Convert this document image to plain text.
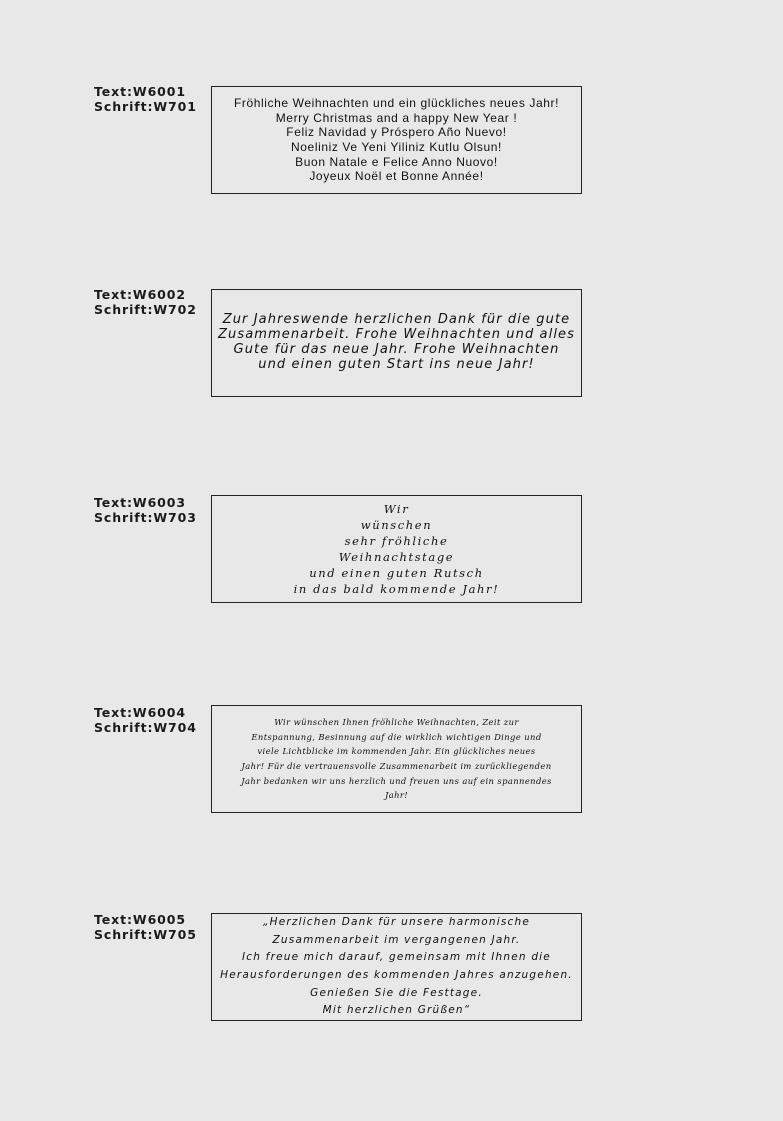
Text:W6001
Schrift:W701	Fröhliche Weihnachten und ein glückliches neues Jahr!
Merry Christmas and a happy New Year !
Feliz Navidad y Próspero Año Nuevo!
Noeliniz Ve Yeni Yiliniz Kutlu Olsun!
Buon Natale e Felice Anno Nuovo!
Joyeux Noël et Bonne Année!
Text:W6002
Schrift:W702
Zur Jahreswende herzlichen Dank für die gute
Zusammenarbeit. Frohe Weihnachten und alles
Gute für das neue Jahr. Frohe Weihnachten
und einen guten Start ins neue Jahr!
Text:W6003
Schrift:W703
Wir
wünschen
sehr fröhliche
Weihnachtstage
und einen guten Rutsch
in das bald kommende Jahr!
Text:W6004
Schrift:W704	Wir wünschen Ihnen fröhliche Weihnachten, Zeit zur
Entspannung, Besinnung auf die wirklich wichtigen Dinge und
viele Lichtblicke im kommenden Jahr. Ein glückliches neues
Jahr! Für die vertrauensvolle Zusammenarbeit im zurückliegenden
Jahr bedanken wir uns herzlich und freuen uns auf ein spannendes
Jahr!
Text:W6005
Schrift:W705
„Herzlichen Dank für unsere harmonische
Zusammenarbeit im vergangenen Jahr.
Ich freue mich darauf, gemeinsam mit Ihnen die
Herausforderungen des kommenden Jahres anzugehen.
Genießen Sie die Festtage.
Mit herzlichen Grüßen“
